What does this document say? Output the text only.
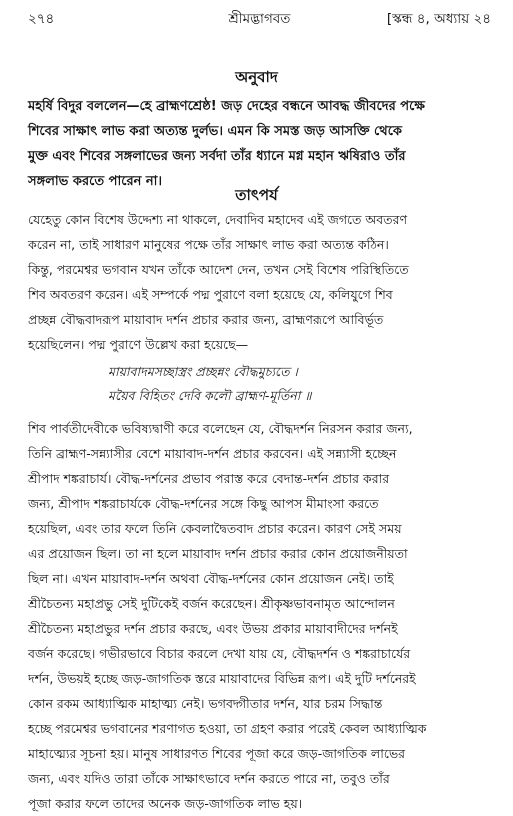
২৭৪	শ্রীমদ্ভাগবত	[স্কন্ধ ৪, অধ্যায় ২৪
অনুবাদ
মহর্ষি বিদুর বললেন—হে ব্রাহ্মণশ্রেষ্ঠ! জড় দেহের বন্ধনে আবদ্ধ জীবদের পক্ষে
শিবের সাক্ষাৎ লাভ করা অত্যন্ত দুর্লভ। এমন কি সমস্ত জড় আসক্তি থেকে
মুক্ত এবং শিবের সঙ্গলাভের জন্য সর্বদা তাঁর ধ্যানে মগ্ন মহান ঋষিরাও তাঁর
সঙ্গলাভ করতে পারেন না।
তাৎপর্য
যেহেতু কোন বিশেষ উদ্দেশ্য না থাকলে, দেবাদিব মহাদেব এই জগতে অবতরণ
করেন না, তাই সাধারণ মানুষের পক্ষে তাঁর সাক্ষাৎ লাভ করা অত্যন্ত কঠিন।
কিন্তু, পরমেশ্বর ভগবান যখন তাঁকে আদেশ দেন, তখন সেই বিশেষ পরিস্থিতিতে
শিব অবতরণ করেন। এই সম্পর্কে পদ্ম পুরাণে বলা হয়েছে যে, কলিযুগে শিব
প্রচ্ছন্ন বৌদ্ধবাদরূপ মায়াবাদ দর্শন প্রচার করার জন্য, ব্রাহ্মণরূপে আবির্ভূত
হয়েছিলেন। পদ্ম পুরাণে উল্লেখ করা হয়েছে—
মায়াবাদমসচ্ছাস্ত্রং প্রচ্ছন্নং বৌদ্ধমুচ্যতে ।
ময়ৈব বিহিতং দেবি কলৌ ব্রাহ্মণ-মূর্তিনা ॥
শিব পার্বতীদেবীকে ভবিষ্যদ্বাণী করে বলেছেন যে, বৌদ্ধদর্শন নিরসন করার জন্য,
তিনি ব্রাহ্মণ-সন্ন্যাসীর বেশে মায়াবাদ-দর্শন প্রচার করবেন। এই সন্ন্যাসী হচ্ছেন
শ্রীপাদ শঙ্করাচার্য। বৌদ্ধ-দর্শনের প্রভাব পরাস্ত করে বেদান্ত-দর্শন প্রচার করার
জন্য, শ্রীপাদ শঙ্করাচার্যকে বৌদ্ধ-দর্শনের সঙ্গে কিছু আপস মীমাংসা করতে
হয়েছিল, এবং তার ফলে তিনি কেবলাদ্বৈতবাদ প্রচার করেন। কারণ সেই সময়
এর প্রয়োজন ছিল। তা না হলে মায়াবাদ দর্শন প্রচার করার কোন প্রয়োজনীয়তা
ছিল না। এখন মায়াবাদ-দর্শন অথবা বৌদ্ধ-দর্শনের কোন প্রয়োজন নেই। তাই
শ্রীচৈতন্য মহাপ্রভু সেই দুটিকেই বর্জন করেছেন। শ্রীকৃষ্ণভাবনামৃত আন্দোলন
শ্রীচৈতন্য মহাপ্রভুর দর্শন প্রচার করছে, এবং উভয় প্রকার মায়াবাদীদের দর্শনই
বর্জন করেছে। গভীরভাবে বিচার করলে দেখা যায় যে, বৌদ্ধদর্শন ও শঙ্করাচার্যের
দর্শন, উভয়ই হচ্ছে জড়-জাগতিক স্তরে মায়াবাদের বিভিন্ন রূপ। এই দুটি দর্শনেরই
কোন রকম আধ্যাত্মিক মাহাত্ম্য নেই। ভগবদ্গীতার দর্শন, যার চরম সিদ্ধান্ত
হচ্ছে পরমেশ্বর ভগবানের শরণাগত হওয়া, তা গ্রহণ করার পরেই কেবল আধ্যাত্মিক
মাহাত্ম্যের সূচনা হয়। মানুষ সাধারণত শিবের পূজা করে জড়-জাগতিক লাভের
জন্য, এবং যদিও তারা তাঁকে সাক্ষাৎভাবে দর্শন করতে পারে না, তবুও তাঁর
পূজা করার ফলে তাদের অনেক জড়-জাগতিক লাভ হয়।
